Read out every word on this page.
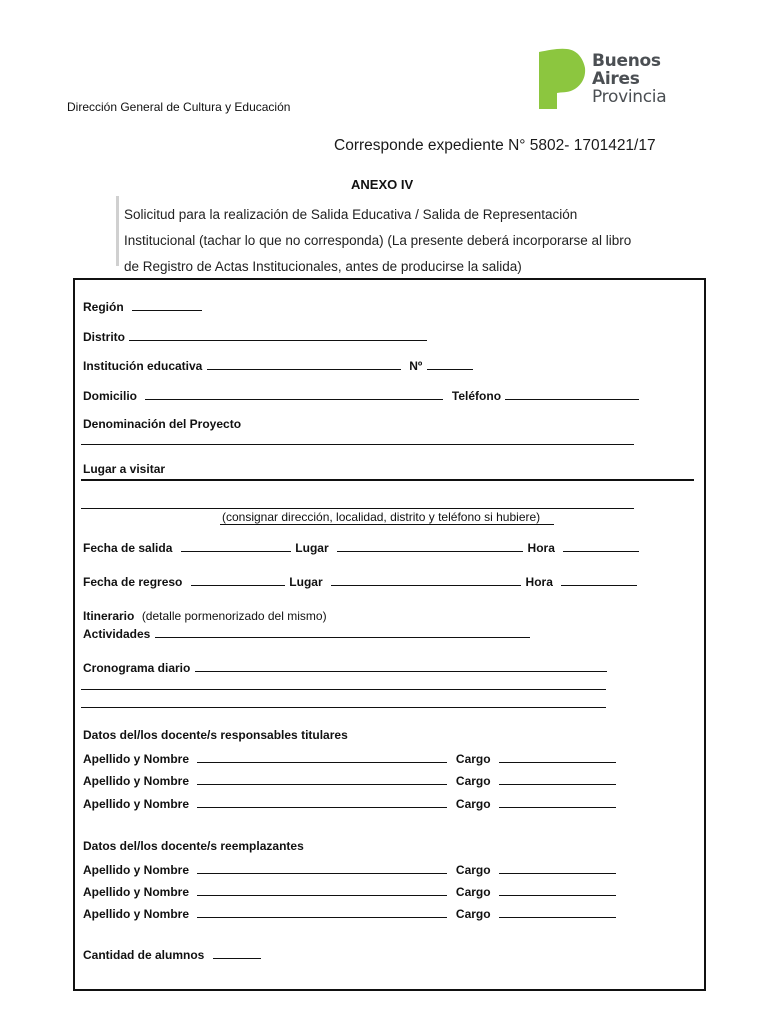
Dirección General de Cultura y Educación
Buenos
Aires
Provincia
Corresponde expediente N° 5802- 1701421/17
ANEXO IV
Solicitud para la realización de Salida Educativa / Salida de Representación
Institucional (tachar lo que no corresponda) (La presente deberá incorporarse al libro
de Registro de Actas Institucionales, antes de producirse la salida)
Región
Distrito
Institución educativa	Nº
Domicilio	Teléfono
Denominación del Proyecto
Lugar a visitar
(consignar dirección, localidad, distrito y teléfono si hubiere)
Fecha de salida	Lugar	Hora
Fecha de regreso	Lugar	Hora
Itinerario (detalle pormenorizado del mismo)
Actividades
Cronograma diario
Datos del/los docente/s responsables titulares
Apellido y Nombre	Cargo
Apellido y Nombre	Cargo
Apellido y Nombre	Cargo
Datos del/los docente/s reemplazantes
Apellido y Nombre	Cargo
Apellido y Nombre	Cargo
Apellido y Nombre	Cargo
Cantidad de alumnos
